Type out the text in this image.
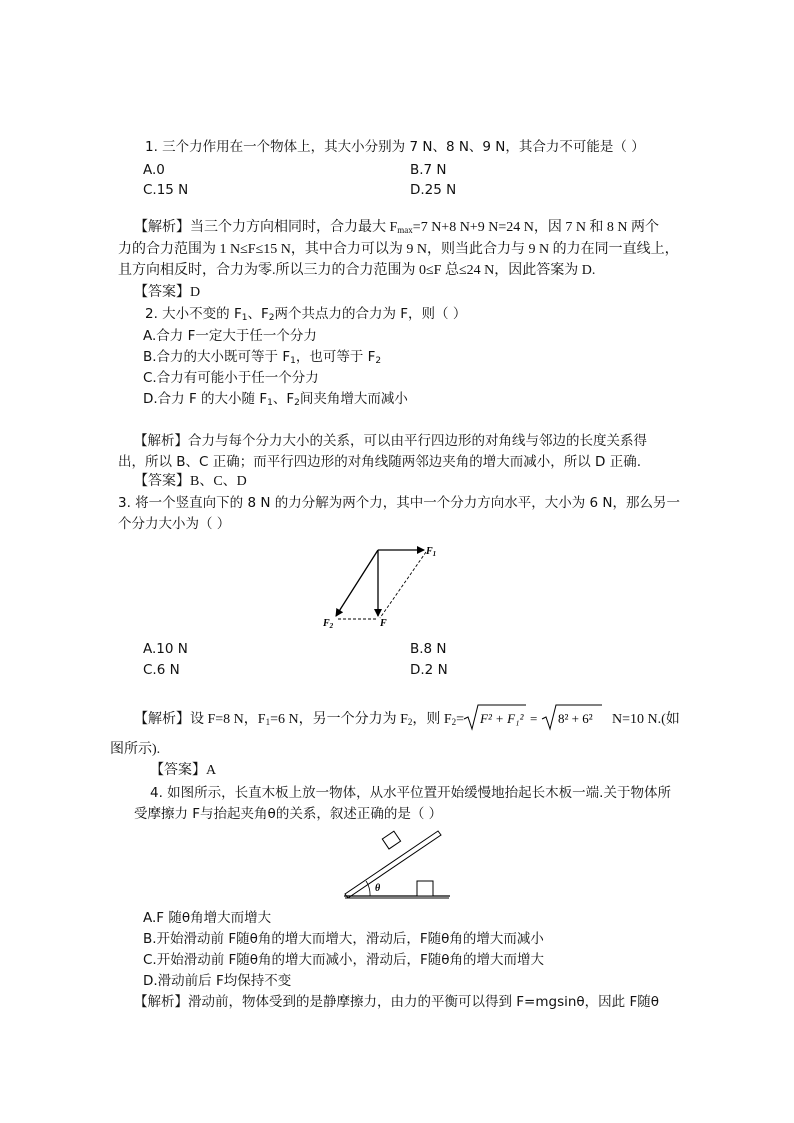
1. 三个力作用在一个物体上，其大小分别为 7 N、8 N、9 N，其合力不可能是（ ）
A.0	B.7 N
C.15 N	D.25 N
【解析】当三个力方向相同时，合力最大 $F_{max}=7$ N+8 N+9 N=24 N，因 7 N 和 8 N 两个
力的合力范围为 1 N≤F≤15 N，其中合力可以为 9 N，则当此合力与 9 N 的力在同一直线上，
且方向相反时，合力为零.所以三力的合力范围为 0≤F 总≤24 N，因此答案为 D.
【答案】D
2. 大小不变的 $F_1$、$F_2$两个共点力的合力为 F，则（ ）
A.合力 F一定大于任一个分力
B.合力的大小既可等于 $F_1$，也可等于 $F_2$
C.合力有可能小于任一个分力
D.合力 F 的大小随 $F_1$、$F_2$间夹角增大而减小
【解析】合力与每个分力大小的关系，可以由平行四边形的对角线与邻边的长度关系得
出，所以 B、C 正确；而平行四边形的对角线随两邻边夹角的增大而减小，所以 D 正确.
【答案】B、C、D
3. 将一个竖直向下的 8 N 的力分解为两个力，其中一个分力方向水平，大小为 6 N，那么另一
个分力大小为（ ）
$F_1$
$F_2$	F
A.10 N	B.8 N
C.6 N	D.2 N
【解析】设 F=8 N，$F_1=6$ N，另一个分力为 $F_2$，则 $F_2= F^2 + F_1^2 = 8^2 + 6^2$ N=10 N.(如
图所示).
【答案】A
4. 如图所示，长直木板上放一物体，从水平位置开始缓慢地抬起长木板一端.关于物体所
受摩擦力 F与抬起夹角θ的关系，叙述正确的是（ ）
θ
A.F 随θ角增大而增大
B.开始滑动前 F随θ角的增大而增大，滑动后，F随θ角的增大而减小
C.开始滑动前 F随θ角的增大而减小，滑动后，F随θ角的增大而增大
D.滑动前后 F均保持不变
【解析】滑动前，物体受到的是静摩擦力，由力的平衡可以得到 F=mgsinθ，因此 F随θ
